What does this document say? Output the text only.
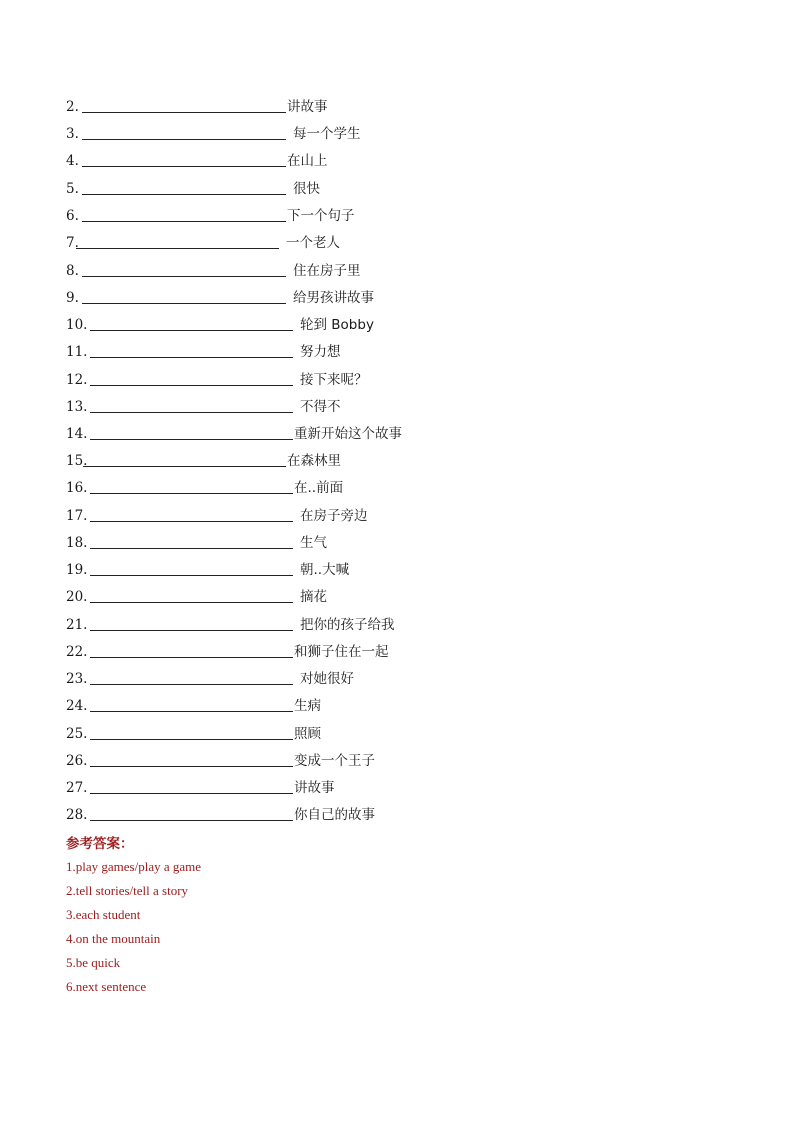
2.	讲故事
3.	每一个学生
4.	在山上
5.	很快
6.	下一个句子
7.	一个老人
8.	住在房子里
9.	给男孩讲故事
10.	轮到 Bobby
11.	努力想
12.	接下来呢？
13.	不得不
14.	重新开始这个故事
15.	在森林里
16.	在..前面
17.	在房子旁边
18.	生气
19.	朝..大喊
20.	摘花
21.	把你的孩子给我
22.	和狮子住在一起
23.	对她很好
24.	生病
25.	照顾
26.	变成一个王子
27.	讲故事
28.	你自己的故事
参考答案：
1.play games/play a game
2.tell stories/tell a story
3.each student
4.on the mountain
5.be quick
6.next sentence
